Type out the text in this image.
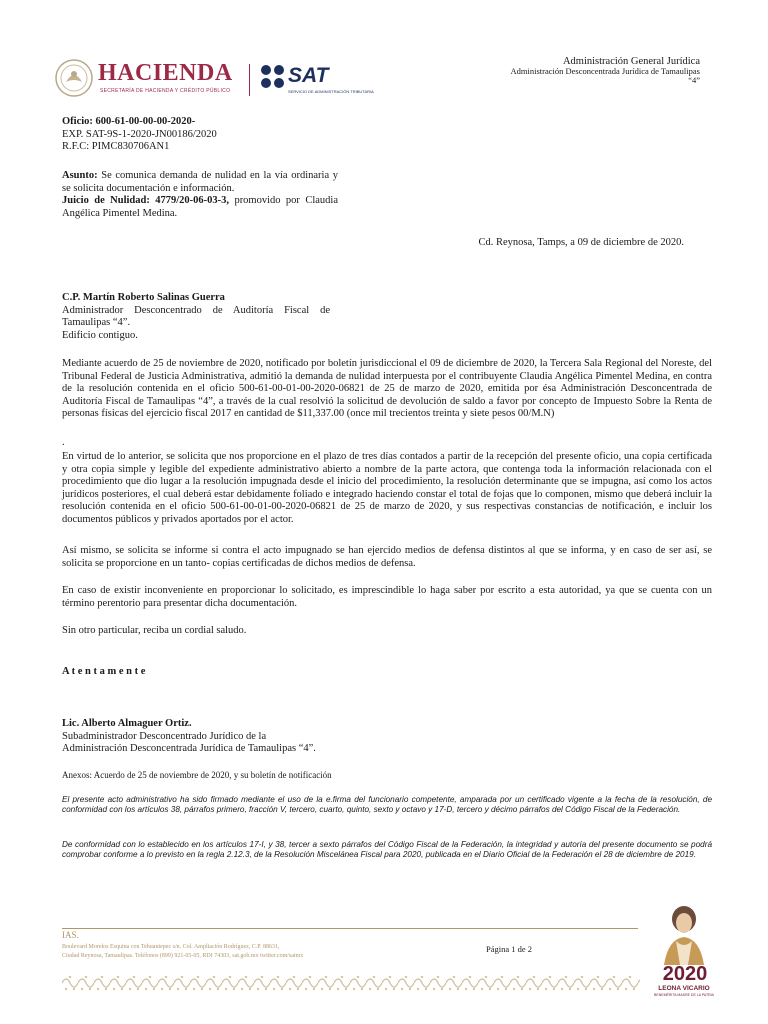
HACIENDA
SECRETARÍA DE HACIENDA Y CRÉDITO PÚBLICO
SAT
SERVICIO DE ADMINISTRACIÓN TRIBUTARIA
Administración General Jurídica
Administración Desconcentrada Jurídica de Tamaulipas
“4”
Oficio: 600-61-00-00-00-2020-
EXP. SAT-9S-1-2020-JN00186/2020
R.F.C: PIMC830706AN1
Asunto: Se comunica demanda de nulidad en la vía ordinaria y se solicita documentación e información.
Juicio de Nulidad: 4779/20-06-03-3, promovido por Claudia Angélica Pimentel Medina.
Cd. Reynosa, Tamps, a 09 de diciembre de 2020.
C.P. Martín Roberto Salinas Guerra
Administrador Desconcentrado de Auditoría Fiscal de Tamaulipas “4”.
Edificio contiguo.
Mediante acuerdo de 25 de noviembre de 2020, notificado por boletín jurisdiccional el 09 de diciembre de 2020, la Tercera Sala Regional del Noreste, del Tribunal Federal de Justicia Administrativa, admitió la demanda de nulidad interpuesta por el contribuyente Claudia Angélica Pimentel Medina, en contra de la resolución contenida en el oficio 500-61-00-01-00-2020-06821 de 25 de marzo de 2020, emitida por ésa Administración Desconcentrada de Auditoría Fiscal de Tamaulipas “4”, a través de la cual resolvió la solicitud de devolución de saldo a favor por concepto de Impuesto Sobre la Renta de personas físicas del ejercicio fiscal 2017 en cantidad de $11,337.00 (once mil trecientos treinta y siete pesos 00/M.N)
.
En virtud de lo anterior, se solicita que nos proporcione en el plazo de tres días contados a partir de la recepción del presente oficio, una copia certificada y otra copia simple y legible del expediente administrativo abierto a nombre de la parte actora, que contenga toda la información relacionada con el procedimiento que dio lugar a la resolución impugnada desde el inicio del procedimiento, la resolución determinante que se impugna, así como los actos jurídicos posteriores, el cual deberá estar debidamente foliado e integrado haciendo constar el total de fojas que lo componen, mismo que deberá incluir la resolución contenida en el oficio 500-61-00-01-00-2020-06821 de 25 de marzo de 2020, y sus respectivas constancias de notificación, e incluir los documentos públicos y privados aportados por el actor.
Así mismo, se solicita se informe si contra el acto impugnado se han ejercido medios de defensa distintos al que se informa, y en caso de ser así, se solicita se proporcione en un tanto- copias certificadas de dichos medios de defensa.
En caso de existir inconveniente en proporcionar lo solicitado, es imprescindible lo haga saber por escrito a esta autoridad, ya que se cuenta con un término perentorio para presentar dicha documentación.
Sin otro particular, reciba un cordial saludo.
A t e n t a m e n t e
Lic. Alberto Almaguer Ortiz.
Subadministrador Desconcentrado Jurídico de la
Administración Desconcentrada Jurídica de Tamaulipas “4”.
Anexos: Acuerdo de 25 de noviembre de 2020, y su boletín de notificación
El presente acto administrativo ha sido firmado mediante el uso de la e.firma del funcionario competente, amparada por un certificado vigente a la fecha de la resolución, de conformidad con los artículos 38, párrafos primero, fracción V, tercero, cuarto, quinto, sexto y octavo y 17-D, tercero y décimo párrafos del Código Fiscal de la Federación.
De conformidad con lo establecido en los artículos 17-I, y 38, tercer a sexto párrafos del Código Fiscal de la Federación, la integridad y autoría del presente documento se podrá comprobar conforme a lo previsto en la regla 2.12.3, de la Resolución Miscelánea Fiscal para 2020, publicada en el Diario Oficial de la Federación el 28 de diciembre de 2019.
IAS.
Boulevard Morelos Esquina con Tehuantepec s/n. Col. Ampliación Rodríguez, C.P. 88631,
Ciudad Reynosa, Tamaulipas. Teléfonos (899) 921-05-05, RDI 74303, sat.gob.mx twitter.com/satmx
Página 1 de 2
2020
LEONA VICARIO
BENEMÉRITA MADRE DE LA PATRIA
